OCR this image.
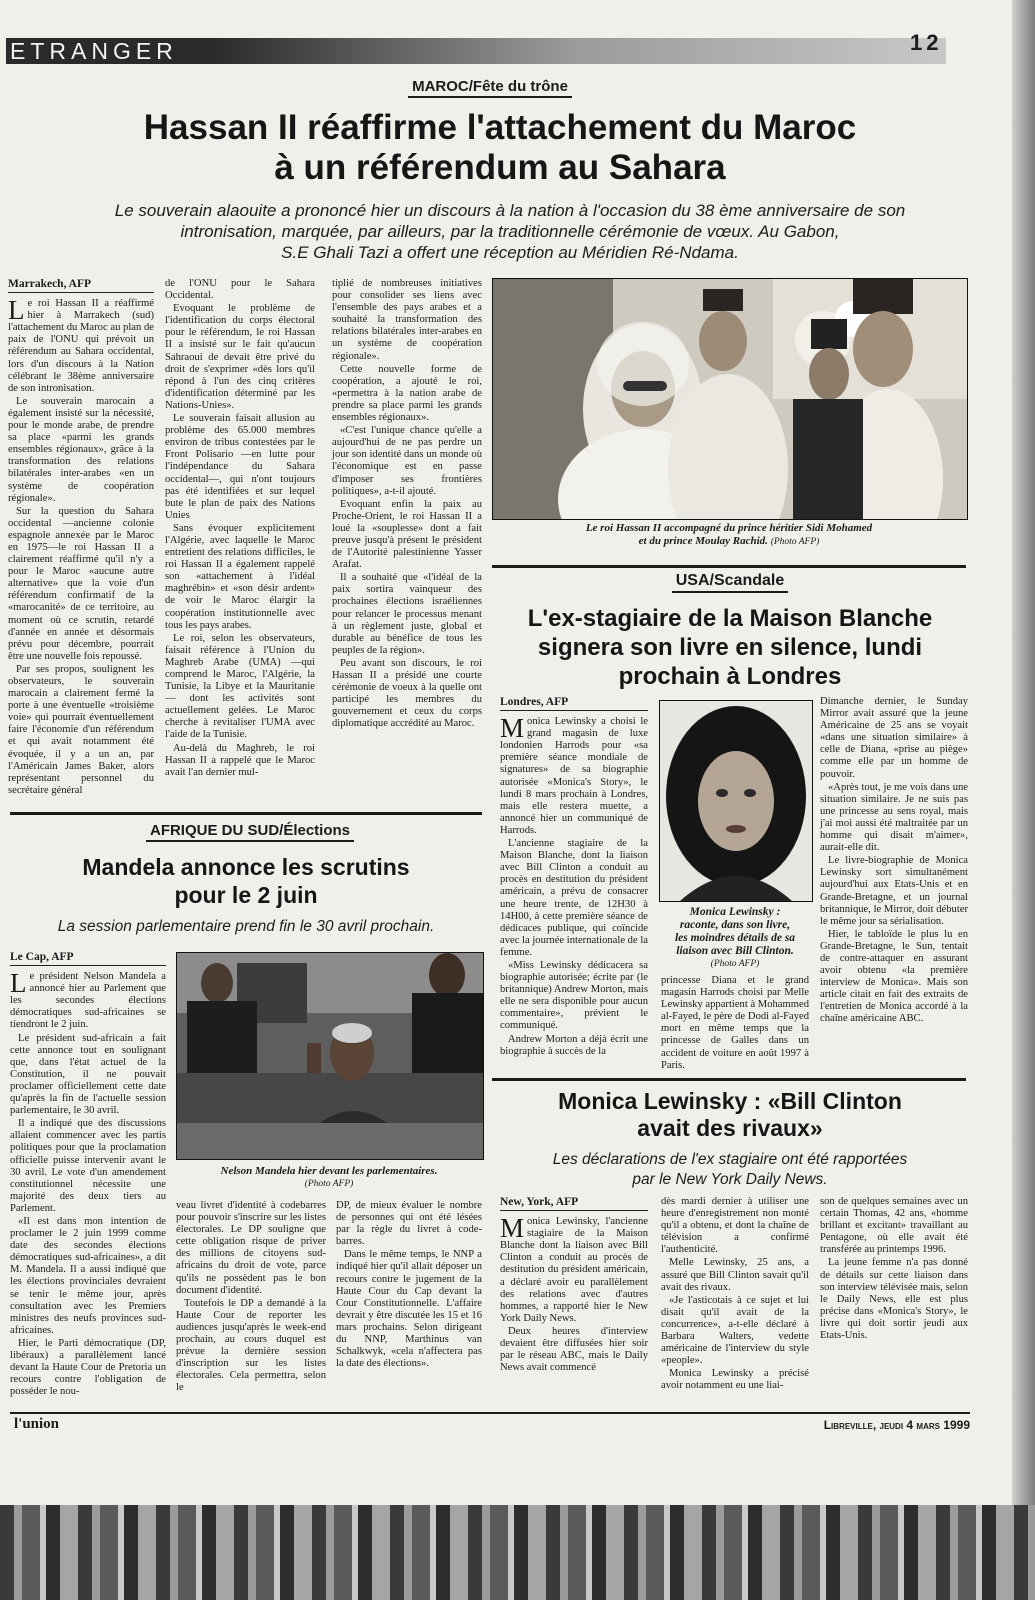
ETRANGER	12
MAROC/Fête du trône
Hassan II réaffirme l'attachement du Maroc
à un référendum au Sahara
Le souverain alaouite a prononcé hier un discours à la nation à l'occasion du 38 ème anniversaire de son
intronisation, marquée, par ailleurs, par la traditionnelle cérémonie de vœux. Au Gabon,
S.E Ghali Tazi a offert une réception au Méridien Ré-Ndama.
Marrakech, AFP

Le roi Hassan II a réaffirmé hier à Marrakech (sud) l'attachement du Maroc au plan de paix de l'ONU qui prévoit un référendum au Sahara occidental, lors d'un discours à la Nation célébrant le 38ème anniversaire de son intronisation.

Le souverain marocain a également insisté sur la nécessité, pour le monde arabe, de prendre sa place «parmi les grands ensembles régionaux», grâce à la transformation des relations bilatérales inter-arabes «en un système de coopération régionale».

Sur la question du Sahara occidental —ancienne colonie espagnole annexée par le Maroc en 1975—le roi Hassan II a clairement réaffirmé qu'il n'y a pour le Maroc «aucune autre alternative» que la voie d'un référendum confirmatif de la «marocanité» de ce territoire, au moment où ce scrutin, retardé d'année en année et désormais prévu pour décembre, pourrait être une nouvelle fois repoussé.

Par ses propos, soulignent les observateurs, le souverain marocain a clairement fermé la porte à une éventuelle «troisième voie» qui pourrait éventuellement faire l'économie d'un référendum et qui avait notamment été évoquée, il y a un an, par l'Américain James Baker, alors représentant personnel du secrétaire général

de l'ONU pour le Sahara Occidental.

Evoquant le problème de l'identification du corps électoral pour le référendum, le roi Hassan II a insisté sur le fait qu'aucun Sahraoui de devait être privé du droit de s'exprimer «dès lors qu'il répond à l'un des cinq critères d'identification déterminé par les Nations-Unies».

Le souverain faisait allusion au problème des 65.000 membres environ de tribus contestées par le Front Polisario —en lutte pour l'indépendance du Sahara occidental—, qui n'ont toujours pas été identifiées et sur lequel bute le plan de paix des Nations Unies

Sans évoquer explicitement l'Algérie, avec laquelle le Maroc entretient des relations difficiles, le roi Hassan II a également rappelé son «attachement à l'idéal maghrébin» et «son désir ardent» de voir le Maroc élargir la coopération institutionnelle avec tous les pays arabes.

Le roi, selon les observateurs, faisait référence à l'Union du Maghreb Arabe (UMA) —qui comprend le Maroc, l'Algérie, la Tunisie, la Libye et la Mauritanie— dont les activités sont actuellement gelées. Le Maroc cherche à revitaliser l'UMA avec l'aide de la Tunisie.

Au-delà du Maghreb, le roi Hassan II a rappelé que le Maroc avait l'an dernier mul-

tiplié de nombreuses initiatives pour consolider ses liens avec l'ensemble des pays arabes et a souhaité la transformation des relations bilatérales inter-arabes en un système de coopération régionale».

Cette nouvelle forme de coopération, a ajouté le roi, «permettra à la nation arabe de prendre sa place parmi les grands ensembles régionaux».

«C'est l'unique chance qu'elle a aujourd'hui de ne pas perdre un jour son identité dans un monde où l'économique est en passe d'imposer ses frontières politiques», a-t-il ajouté.

Evoquant enfin la paix au Proche-Orient, le roi Hassan II a loué la «souplesse» dont a fait preuve jusqu'à présent le président de l'Autorité palestinienne Yasser Arafat.

Il a souhaité que «l'idéal de la paix sortira vainqueur des prochaines élections israéliennes pour relancer le processus menant à un règlement juste, global et durable au bénéfice de tous les peuples de la région».

Peu avant son discours, le roi Hassan II a présidé une courte cérémonie de voeux à la quelle ont participé les membres du gouvernement et ceux du corps diplomatique accrédité au Maroc.

Le roi Hassan II accompagné du prince héritier Sidi Mohamed
et du prince Moulay Rachid. (Photo AFP)
USA/Scandale
L'ex-stagiaire de la Maison Blanche
signera son livre en silence, lundi
prochain à Londres
Londres, AFP

Monica Lewinsky a choisi le grand magasin de luxe londonien Harrods pour «sa première séance mondiale de signatures» de sa biographie autorisée «Monica's Story», le lundi 8 mars prochain à Londres, mais elle restera muette, a annoncé hier un communiqué de Harrods.

L'ancienne stagiaire de la Maison Blanche, dont la liaison avec Bill Clinton a conduit au procès en destitution du président américain, a prévu de consacrer une heure trente, de 12H30 à 14H00, à cette première séance de dédicaces publique, qui coïncide avec la journée internationale de la femme.

«Miss Lewinsky dédicacera sa biographie autorisée; écrite par (le britannique) Andrew Morton, mais elle ne sera disponible pour aucun commentaire», prévient le communiqué.

Andrew Morton a déjà écrit une biographie à succès de la

Monica Lewinsky :
raconte, dans son livre,
les moindres détails de sa
liaison avec Bill Clinton.
(Photo AFP)

princesse Diana et le grand magasin Harrods choisi par Melle Lewinsky appartient à Mohammed al-Fayed, le père de Dodi al-Fayed mort en même temps que la princesse de Galles dans un accident de voiture en août 1997 à Paris.

Dimanche dernier, le Sunday Mirror avait assuré que la jeune Américaine de 25 ans se voyait «dans une situation similaire» à celle de Diana, «prise au piège» comme elle par un homme de pouvoir.

«Après tout, je me vois dans une situation similaire. Je ne suis pas une princesse au sens royal, mais j'ai moi aussi été maltraitée par un homme qui disait m'aimer», aurait-elle dit.

Le livre-biographie de Monica Lewinsky sort simultanément aujourd'hui aux Etats-Unis et en Grande-Bretagne, et un journal britannique, le Mirror, doit débuter le même jour sa sérialisation.

Hier, le tabloïde le plus lu en Grande-Bretagne, le Sun, tentait de contre-attaquer en assurant avoir obtenu «la première interview de Monica». Mais son article citait en fait des extraits de l'entretien de Monica accordé à la chaîne américaine ABC.

AFRIQUE DU SUD/Élections
Mandela annonce les scrutins
pour le 2 juin
La session parlementaire prend fin le 30 avril prochain.
Le Cap, AFP

Le président Nelson Mandela a annoncé hier au Parlement que les secondes élections démocratiques sud-africaines se tiendront le 2 juin.

Le président sud-africain a fait cette annonce tout en soulignant que, dans l'état actuel de la Constitution, il ne pouvait proclamer officiellement cette date qu'après la fin de l'actuelle session parlementaire, le 30 avril.

Il a indiqué que des discussions allaient commencer avec les partis politiques pour que la proclamation officielle puisse intervenir avant le 30 avril. Le vote d'un amendement constitutionnel nécessite une majorité des deux tiers au Parlement.

«Il est dans mon intention de proclamer le 2 juin 1999 comme date des secondes élections démocratiques sud-africaines», a dit M. Mandela. Il a aussi indiqué que les élections provinciales devraient se tenir le même jour, après consultation avec les Premiers ministres des neufs provinces sud-africaines.

Hier, le Parti démocratique (DP, libéraux) a parallèlement lancé devant la Haute Cour de Pretoria un recours contre l'obligation de posséder le nou-

Nelson Mandela hier devant les parlementaires.
(Photo AFP)

veau livret d'identité à codebarres pour pouvoir s'inscrire sur les listes électorales. Le DP souligne que cette obligation risque de priver des millions de citoyens sud-africains du droit de vote, parce qu'ils ne possèdent pas le bon document d'identité.

Toutefois le DP a demandé à la Haute Cour de reporter les audiences jusqu'après le week-end prochain, au cours duquel est prévue la dernière session d'inscription sur les listes électorales. Cela permettra, selon le

DP, de mieux évaluer le nombre de personnes qui ont été lésées par la règle du livret à code-barres.

Dans le même temps, le NNP a indiqué hier qu'il allait déposer un recours contre le jugement de la Haute Cour du Cap devant la Cour Constitutionnelle. L'affaire devrait y être discutée les 15 et 16 mars prochains. Selon dirigeant du NNP, Marthinus van Schalkwyk, «cela n'affectera pas la date des élections».

Monica Lewinsky : «Bill Clinton
avait des rivaux»
Les déclarations de l'ex stagiaire ont été rapportées
par le New York Daily News.
New, York, AFP

Monica Lewinsky, l'ancienne stagiaire de la Maison Blanche dont la liaison avec Bill Clinton a conduit au procès de destitution du président américain, a déclaré avoir eu parallèlement des relations avec d'autres hommes, a rapporté hier le New York Daily News.

Deux heures d'interview devaient être diffusées hier soir par le réseau ABC, mais le Daily News avait commencé

dès mardi dernier à utiliser une heure d'enregistrement non monté qu'il a obtenu, et dont la chaîne de télévision a confirmé l'authenticité.

Melle Lewinsky, 25 ans, a assuré que Bill Clinton savait qu'il avait des rivaux.

«Je l'asticotais à ce sujet et lui disait qu'il avait de la concurrence», a-t-elle déclaré à Barbara Walters, vedette américaine de l'interview du style «people».

Monica Lewinsky a précisé avoir notamment eu une liai-

son de quelques semaines avec un certain Thomas, 42 ans, «homme brillant et excitant» travaillant au Pentagone, où elle avait été transférée au printemps 1996.

La jeune femme n'a pas donné de détails sur cette liaison dans son interview télévisée mais, selon le Daily News, elle est plus précise dans «Monica's Story», le livre qui doit sortir jeudi aux Etats-Unis.

l'union	Libreville, jeudi 4 mars 1999
